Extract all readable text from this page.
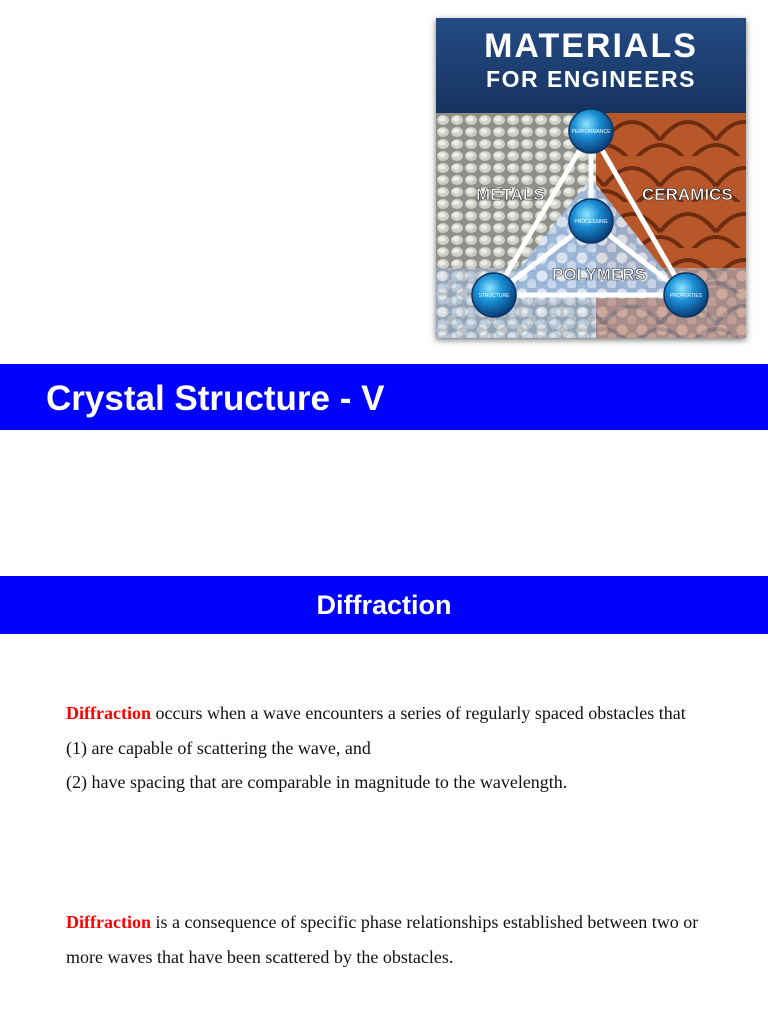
MATERIALS
FOR ENGINEERS
PERFORMANCE
PROCESSING
STRUCTURE	PROPERTIES
METALS	CERAMICS
POLYMERS
Crystal Structure - V
Diffraction

Diffraction occurs when a wave encounters a series of regularly spaced obstacles that

(1) are capable of scattering the wave, and

(2) have spacing that are comparable in magnitude to the wavelength.

Diffraction is a consequence of specific phase relationships established between two or more waves that have been scattered by the obstacles.
